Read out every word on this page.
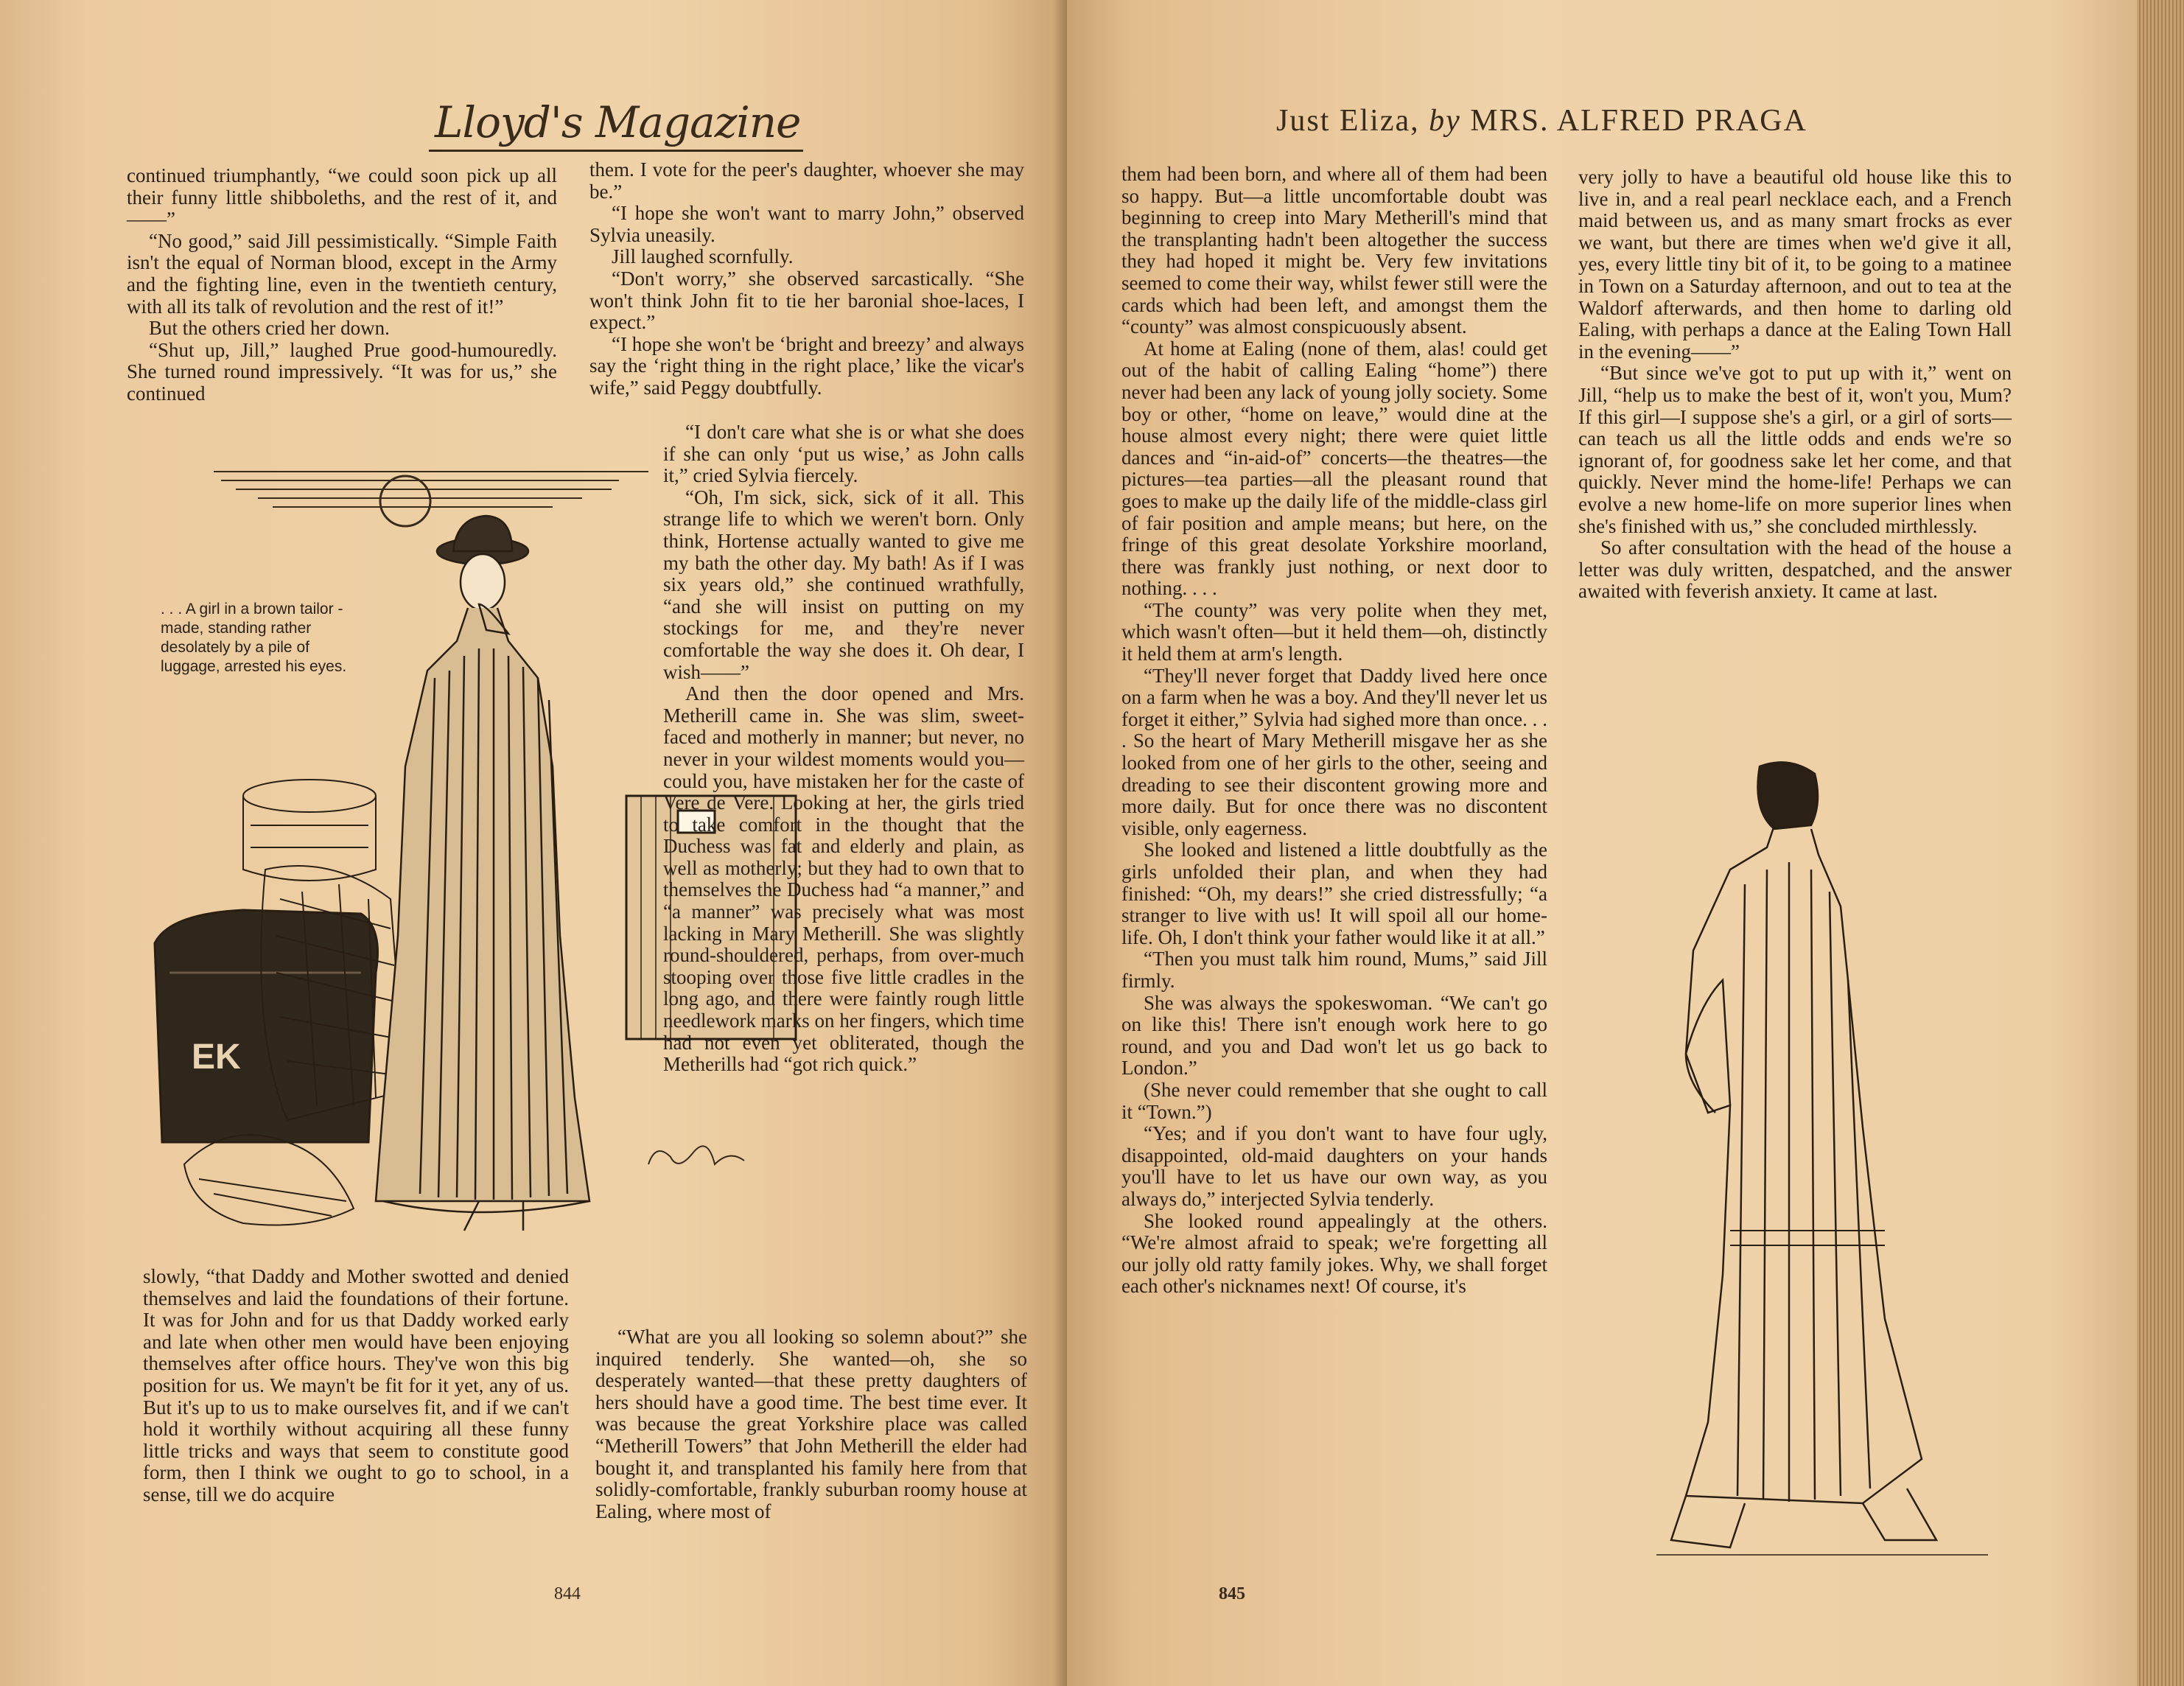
Lloyd's Magazine

continued triumphantly, “we could soon pick up all their funny little shibboleths, and the rest of it, and——”

“No good,” said Jill pessimistically. “Simple Faith isn't the equal of Norman blood, except in the Army and the fighting line, even in the twentieth century, with all its talk of revolution and the rest of it!”

But the others cried her down.

“Shut up, Jill,” laughed Prue good-humouredly. She turned round impressively. “It was for us,” she continued

EK
. . . A girl in a brown tailor - made, standing rather desolately by a pile of luggage, arrested his eyes.

slowly, “that Daddy and Mother swotted and denied themselves and laid the foundations of their fortune. It was for John and for us that Daddy worked early and late when other men would have been enjoying themselves after office hours. They've won this big position for us. We mayn't be fit for it yet, any of us. But it's up to us to make ourselves fit, and if we can't hold it worthily without acquiring all these funny little tricks and ways that seem to constitute good form, then I think we ought to go to school, in a sense, till we do acquire

them. I vote for the peer's daughter, whoever she may be.”

“I hope she won't want to marry John,” observed Sylvia uneasily.

Jill laughed scornfully.

“Don't worry,” she observed sarcastically. “She won't think John fit to tie her baronial shoe-laces, I expect.”

“I hope she won't be ‘bright and breezy’ and always say the ‘right thing in the right place,’ like the vicar's wife,” said Peggy doubtfully.

“I don't care what she is or what she does if she can only ‘put us wise,’ as John calls it,” cried Sylvia fiercely.

“Oh, I'm sick, sick, sick of it all. This strange life to which we weren't born. Only think, Hortense actually wanted to give me my bath the other day. My bath! As if I was six years old,” she continued wrathfully, “and she will insist on putting on my stockings for me, and they're never comfortable the way she does it. Oh dear, I wish——”

And then the door opened and Mrs. Metherill came in. She was slim, sweet-faced and motherly in manner; but never, no never in your wildest moments would you—could you, have mistaken her for the caste of Vere de Vere. Looking at her, the girls tried to take comfort in the thought that the Duchess was fat and elderly and plain, as well as motherly; but they had to own that to themselves the Duchess had “a manner,” and “a manner” was precisely what was most lacking in Mary Metherill. She was slightly round-shouldered, perhaps, from over-much stooping over those five little cradles in the long ago, and there were faintly rough little needlework marks on her fingers, which time had not even yet obliterated, though the Metherills had “got rich quick.”

“What are you all looking so solemn about?” she inquired tenderly. She wanted—oh, she so desperately wanted—that these pretty daughters of hers should have a good time. The best time ever. It was because the great Yorkshire place was called “Metherill Towers” that John Metherill the elder had bought it, and transplanted his family here from that solidly-comfortable, frankly suburban roomy house at Ealing, where most of

844
Just Eliza, by MRS. ALFRED PRAGA

them had been born, and where all of them had been so happy. But—a little uncomfortable doubt was beginning to creep into Mary Metherill's mind that the transplanting hadn't been altogether the success they had hoped it might be. Very few invitations seemed to come their way, whilst fewer still were the cards which had been left, and amongst them the “county” was almost conspicuously absent.

At home at Ealing (none of them, alas! could get out of the habit of calling Ealing “home”) there never had been any lack of young jolly society. Some boy or other, “home on leave,” would dine at the house almost every night; there were quiet little dances and “in-aid-of” concerts—the theatres—the pictures—tea parties—all the pleasant round that goes to make up the daily life of the middle-class girl of fair position and ample means; but here, on the fringe of this great desolate Yorkshire moorland, there was frankly just nothing, or next door to nothing. . . .

“The county” was very polite when they met, which wasn't often—but it held them—oh, distinctly it held them at arm's length.

“They'll never forget that Daddy lived here once on a farm when he was a boy. And they'll never let us forget it either,” Sylvia had sighed more than once. . . . So the heart of Mary Metherill misgave her as she looked from one of her girls to the other, seeing and dreading to see their discontent growing more and more daily. But for once there was no discontent visible, only eagerness.

She looked and listened a little doubtfully as the girls unfolded their plan, and when they had finished: “Oh, my dears!” she cried distressfully; “a stranger to live with us! It will spoil all our home-life. Oh, I don't think your father would like it at all.”

“Then you must talk him round, Mums,” said Jill firmly.

She was always the spokeswoman. “We can't go on like this! There isn't enough work here to go round, and you and Dad won't let us go back to London.”

(She never could remember that she ought to call it “Town.”)

“Yes; and if you don't want to have four ugly, disappointed, old-maid daughters on your hands you'll have to let us have our own way, as you always do,” interjected Sylvia tenderly.

She looked round appealingly at the others. “We're almost afraid to speak; we're forgetting all our jolly old ratty family jokes. Why, we shall forget each other's nicknames next! Of course, it's

very jolly to have a beautiful old house like this to live in, and a real pearl necklace each, and a French maid between us, and as many smart frocks as ever we want, but there are times when we'd give it all, yes, every little tiny bit of it, to be going to a matinee in Town on a Saturday afternoon, and out to tea at the Waldorf afterwards, and then home to darling old Ealing, with perhaps a dance at the Ealing Town Hall in the evening——”

“But since we've got to put up with it,” went on Jill, “help us to make the best of it, won't you, Mum? If this girl—I suppose she's a girl, or a girl of sorts—can teach us all the little odds and ends we're so ignorant of, for goodness sake let her come, and that quickly. Never mind the home-life! Perhaps we can evolve a new home-life on more superior lines when she's finished with us,” she concluded mirthlessly.

So after consultation with the head of the house a letter was duly written, despatched, and the answer awaited with feverish anxiety. It came at last.

845
